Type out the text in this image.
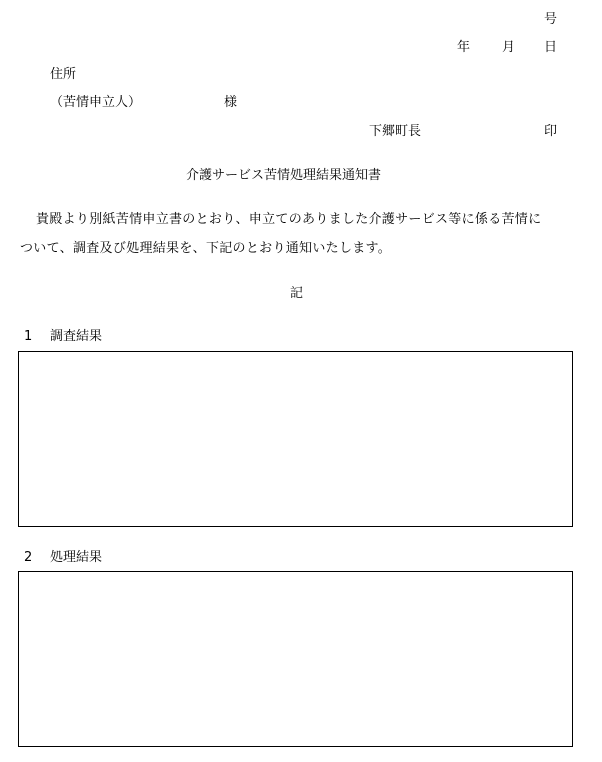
号
年 月 日
住所
（苦情申立人）	様
下郷町長	印
介護サービス苦情処理結果通知書
貴殿より別紙苦情申立書のとおり、申立てのありました介護サービス等に係る苦情に
ついて、調査及び処理結果を、下記のとおり通知いたします。
記
1 調査結果
2 処理結果
